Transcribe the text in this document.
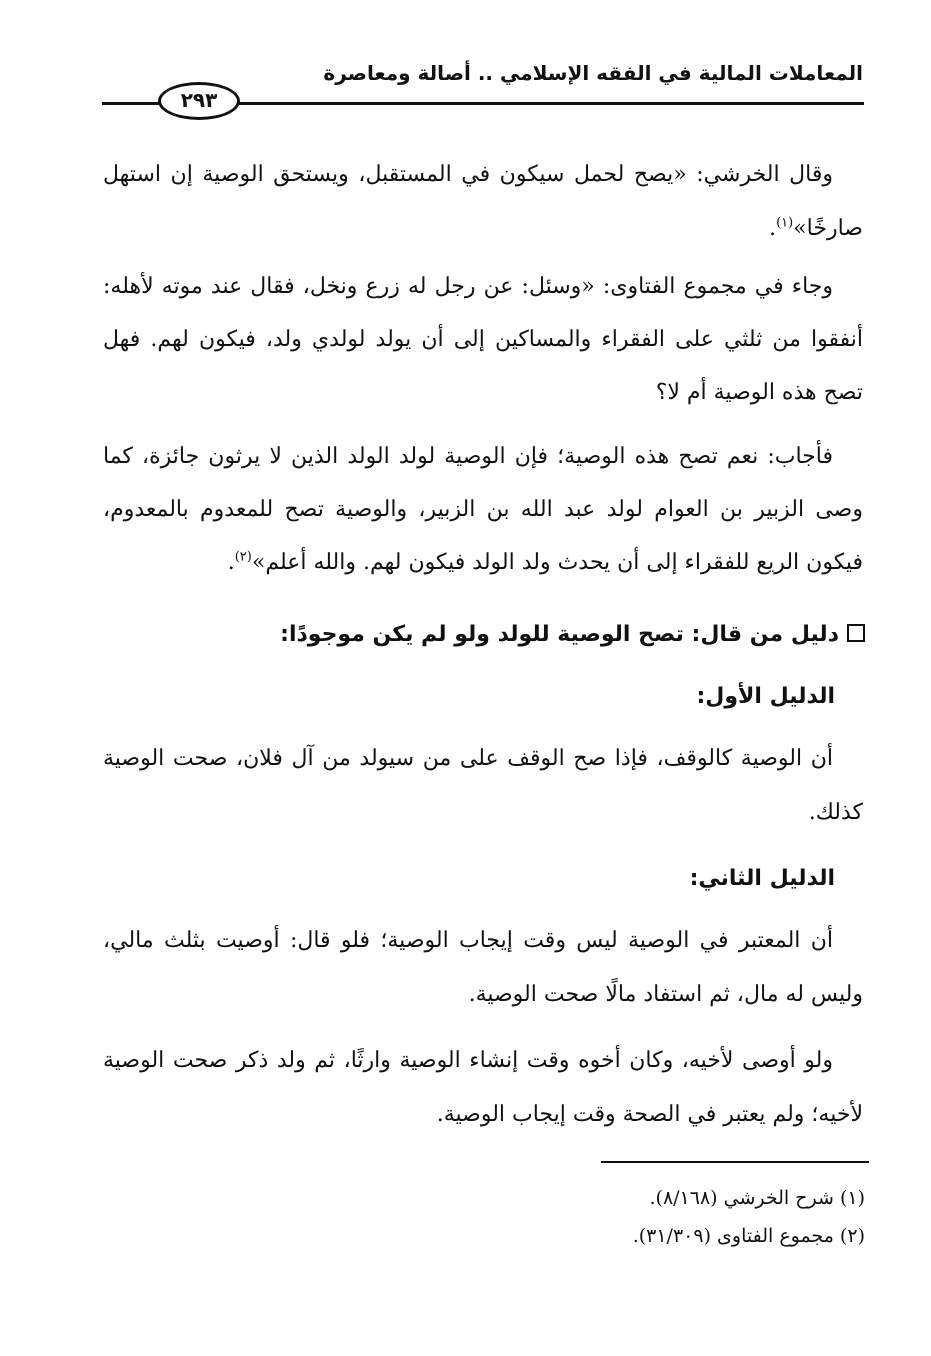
المعاملات المالية في الفقه الإسلامي .. أصالة ومعاصرة
٢٩٣
وقال الخرشي: «يصح لحمل سيكون في المستقبل، ويستحق الوصية إن استهل صارخًا»$^{(١)}$.
وجاء في مجموع الفتاوى: «وسئل: عن رجل له زرع ونخل، فقال عند موته لأهله: أنفقوا من ثلثي على الفقراء والمساكين إلى أن يولد لولدي ولد، فيكون لهم. فهل تصح هذه الوصية أم لا؟
فأجاب: نعم تصح هذه الوصية؛ فإن الوصية لولد الولد الذين لا يرثون جائزة، كما وصى الزبير بن العوام لولد عبد الله بن الزبير، والوصية تصح للمعدوم بالمعدوم، فيكون الريع للفقراء إلى أن يحدث ولد الولد فيكون لهم. والله أعلم»$^{(٢)}$.
دليل من قال: تصح الوصية للولد ولو لم يكن موجودًا:
الدليل الأول:
أن الوصية كالوقف، فإذا صح الوقف على من سيولد من آل فلان، صحت الوصية كذلك.
الدليل الثاني:
أن المعتبر في الوصية ليس وقت إيجاب الوصية؛ فلو قال: أوصيت بثلث مالي، وليس له مال، ثم استفاد مالًا صحت الوصية.
ولو أوصى لأخيه، وكان أخوه وقت إنشاء الوصية وارثًا، ثم ولد ذكر صحت الوصية لأخيه؛ ولم يعتبر في الصحة وقت إيجاب الوصية.
(١) شرح الخرشي (٨/١٦٨).
(٢) مجموع الفتاوى (٣١/٣٠٩).
